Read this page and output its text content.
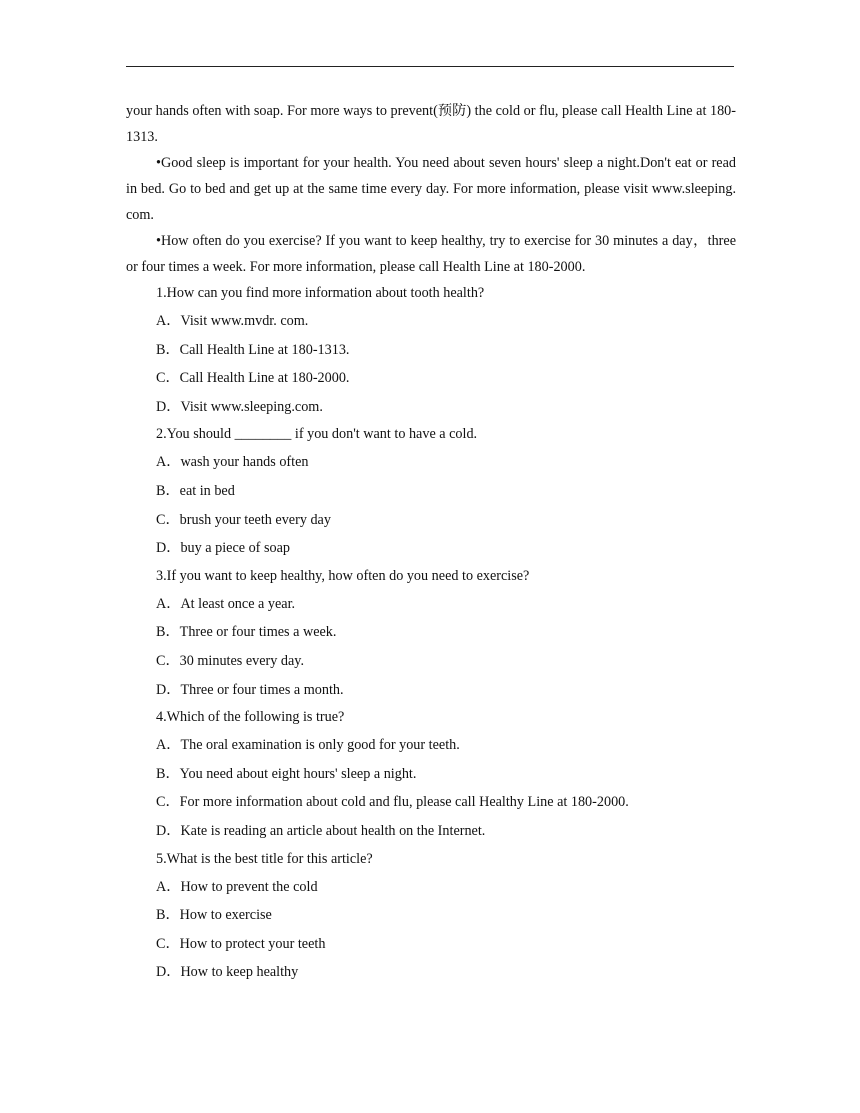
your hands often with soap. For more ways to prevent(预防) the cold or flu, please call Health Line at 180-1313.

•Good sleep is important for your health. You need about seven hours' sleep a night.Don't eat or read in bed. Go to bed and get up at the same time every day. For more information, please visit www.sleeping. com.

•How often do you exercise? If you want to keep healthy, try to exercise for 30 minutes a day，three or four times a week. For more information, please call Health Line at 180-2000.

1.How can you find more information about tooth health?

A．Visit www.mvdr. com.

B．Call Health Line at 180-1313.

C．Call Health Line at 180-2000.

D．Visit www.sleeping.com.

2.You should ________ if you don't want to have a cold.

A．wash your hands often

B．eat in bed

C．brush your teeth every day

D．buy a piece of soap

3.If you want to keep healthy, how often do you need to exercise?

A．At least once a year.

B．Three or four times a week.

C．30 minutes every day.

D．Three or four times a month.

4.Which of the following is true?

A．The oral examination is only good for your teeth.

B．You need about eight hours' sleep a night.

C．For more information about cold and flu, please call Healthy Line at 180-2000.

D．Kate is reading an article about health on the Internet.

5.What is the best title for this article?

A．How to prevent the cold

B．How to exercise

C．How to protect your teeth

D．How to keep healthy
